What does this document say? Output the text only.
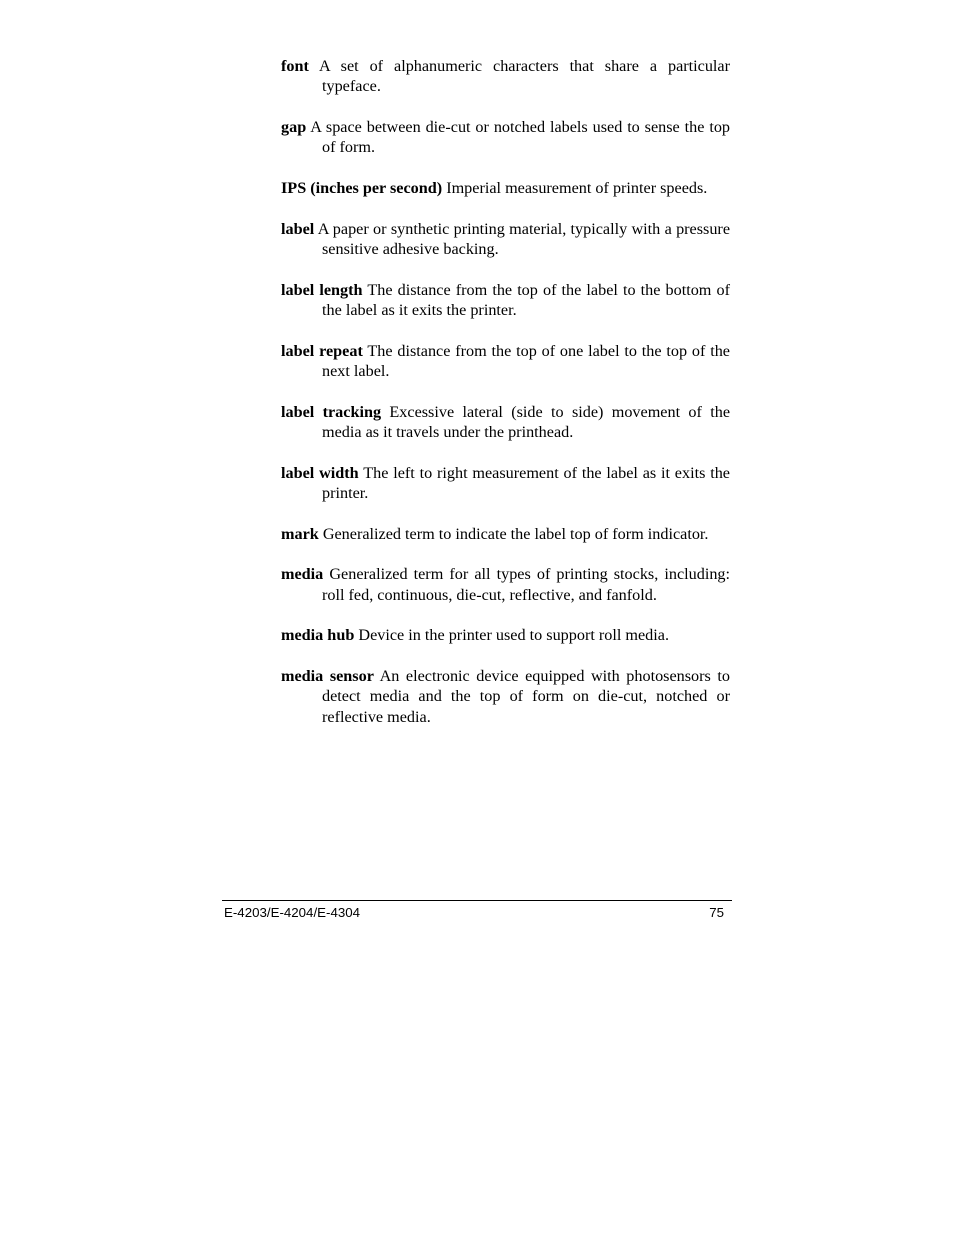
font A set of alphanumeric characters that share a particular typeface.

gap A space between die-cut or notched labels used to sense the top of form.

IPS (inches per second) Imperial measurement of printer speeds.

label A paper or synthetic printing material, typically with a pressure sensitive adhesive backing.

label length The distance from the top of the label to the bottom of the label as it exits the printer.

label repeat The distance from the top of one label to the top of the next label.

label tracking Excessive lateral (side to side) movement of the media as it travels under the printhead.

label width The left to right measurement of the label as it exits the printer.

mark Generalized term to indicate the label top of form indicator.

media Generalized term for all types of printing stocks, including: roll fed, continuous, die-cut, reflective, and fanfold.

media hub Device in the printer used to support roll media.

media sensor An electronic device equipped with photosensors to detect media and the top of form on die-cut, notched or reflective media.

E-4203/E-4204/E-4304	75
